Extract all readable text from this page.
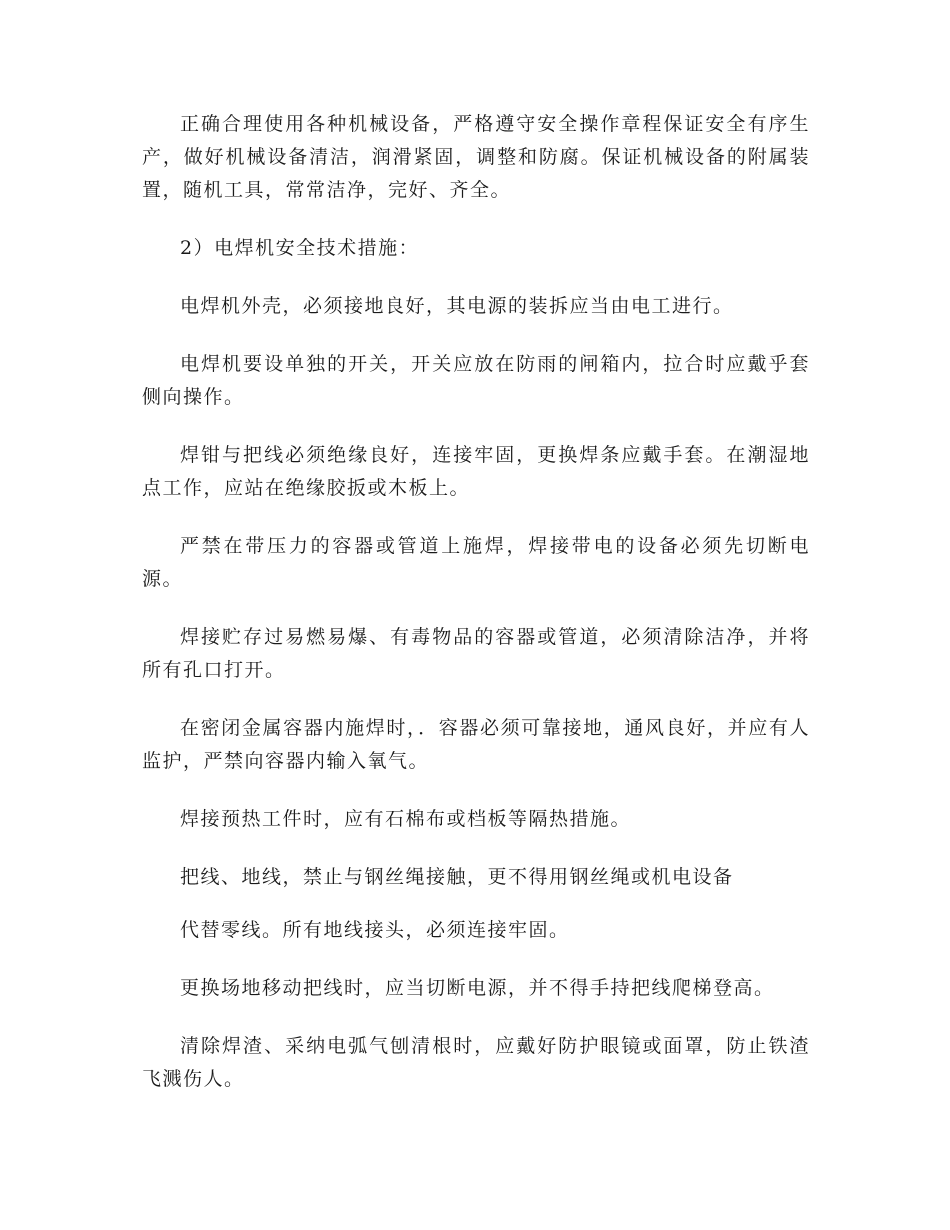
正确合理使用各种机械设备，严格遵守安全操作章程保证安全有序生产，做好机械设备清洁，润滑紧固，调整和防腐。保证机械设备的附属装置，随机工具，常常洁净，完好、齐全。

2）电焊机安全技术措施：

电焊机外壳，必须接地良好，其电源的装拆应当由电工进行。

电焊机要设单独的开关，开关应放在防雨的闸箱内，拉合时应戴乎套侧向操作。

焊钳与把线必须绝缘良好，连接牢固，更换焊条应戴手套。在潮湿地点工作，应站在绝缘胶扳或木板上。

严禁在带压力的容器或管道上施焊，焊接带电的设备必须先切断电源。

焊接贮存过易燃易爆、有毒物品的容器或管道，必须清除洁净，并将所有孔口打开。

在密闭金属容器内施焊时，．容器必须可靠接地，通风良好，并应有人监护，严禁向容器内输入氧气。

焊接预热工件时，应有石棉布或档板等隔热措施。

把线、地线，禁止与钢丝绳接触，更不得用钢丝绳或机电设备

代替零线。所有地线接头，必须连接牢固。

更换场地移动把线时，应当切断电源，并不得手持把线爬梯登高。

清除焊渣、采纳电弧气刨清根时，应戴好防护眼镜或面罩，防止铁渣飞溅伤人。
